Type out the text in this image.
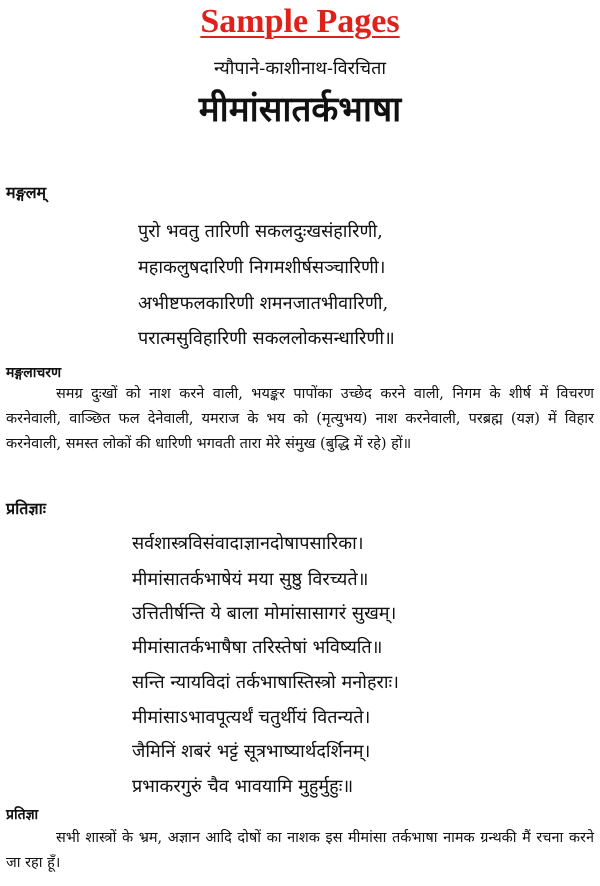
Sample Pages
न्यौपाने-काशीनाथ-विरचिता
मीमांसातर्कभाषा
मङ्गलम्
पुरो भवतु तारिणी सकलदुःखसंहारिणी,
महाकलुषदारिणी निगमशीर्षसञ्चारिणी।
अभीष्टफलकारिणी शमनजातभीवारिणी,
परात्मसुविहारिणी सकललोकसन्धारिणी॥
मङ्गलाचरण
समग्र दुःखों को नाश करने वाली, भयङ्कर पापोंका उच्छेद करने वाली, निगम के शीर्ष में विचरण करनेवाली, वाञ्छित फल देनेवाली, यमराज के भय को (मृत्युभय) नाश करनेवाली, परब्रह्म (यज्ञ) में विहार करनेवाली, समस्त लोकों की धारिणी भगवती तारा मेरे संमुख (बुद्धि में रहे) हों॥
प्रतिज्ञाः
सर्वशास्त्रविसंवादाज्ञानदोषापसारिका।
मीमांसातर्कभाषेयं मया सुष्ठु विरच्यते॥
उत्तितीर्षन्ति ये बाला मोमांसासागरं सुखम्।
मीमांसातर्कभाषैषा तरिस्तेषां भविष्यति॥
सन्ति न्यायविदां तर्कभाषास्तिस्त्रो मनोहराः।
मीमांसाऽभावपूत्यर्थं चतुर्थीयं वितन्यते।
जैमिनिं शबरं भट्टं सूत्रभाष्यार्थदर्शिनम्।
प्रभाकरगुरुं चैव भावयामि मुहुर्मुहुः॥
प्रतिज्ञा
सभी शास्त्रों के भ्रम, अज्ञान आदि दोषों का नाशक इस मीमांसा तर्कभाषा नामक ग्रन्थकी मैं रचना करने जा रहा हूँ।
